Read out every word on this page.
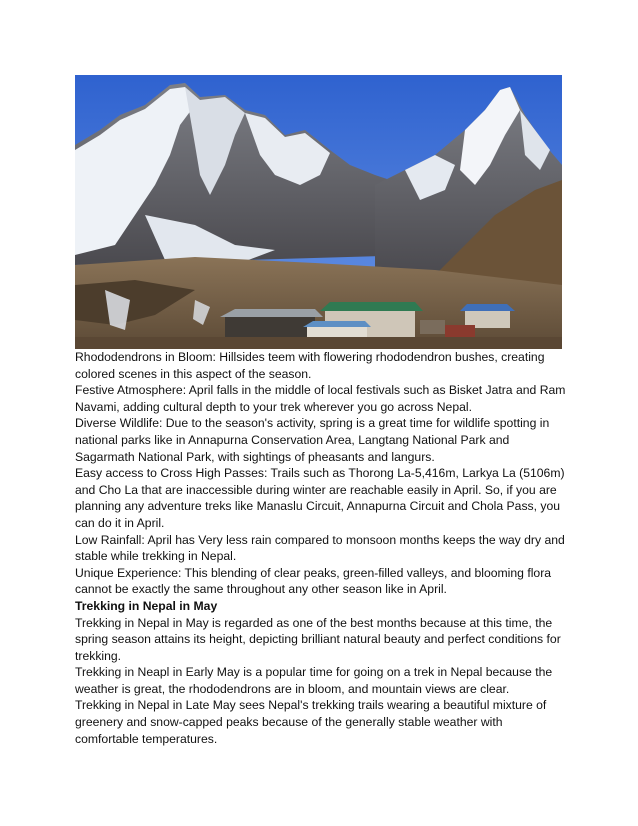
Rhododendrons in Bloom: Hillsides teem with flowering rhododendron bushes, creating colored scenes in this aspect of the season.

Festive Atmosphere: April falls in the middle of local festivals such as Bisket Jatra and Ram Navami, adding cultural depth to your trek wherever you go across Nepal.

Diverse Wildlife: Due to the season's activity, spring is a great time for wildlife spotting in national parks like in Annapurna Conservation Area, Langtang National Park and Sagarmath National Park, with sightings of pheasants and langurs.

Easy access to Cross High Passes: Trails such as Thorong La-5,416m, Larkya La (5106m) and Cho La that are inaccessible during winter are reachable easily in April. So, if you are planning any adventure treks like Manaslu Circuit, Annapurna Circuit and Chola Pass, you can do it in April.

Low Rainfall: April has Very less rain compared to monsoon months keeps the way dry and stable while trekking in Nepal.

Unique Experience: This blending of clear peaks, green-filled valleys, and blooming flora cannot be exactly the same throughout any other season like in April.

Trekking in Nepal in May

Trekking in Nepal in May is regarded as one of the best months because at this time, the spring season attains its height, depicting brilliant natural beauty and perfect conditions for trekking.

Trekking in Neapl in Early May is a popular time for going on a trek in Nepal because the weather is great, the rhododendrons are in bloom, and mountain views are clear.

Trekking in Nepal in Late May sees Nepal's trekking trails wearing a beautiful mixture of greenery and snow-capped peaks because of the generally stable weather with comfortable temperatures.
